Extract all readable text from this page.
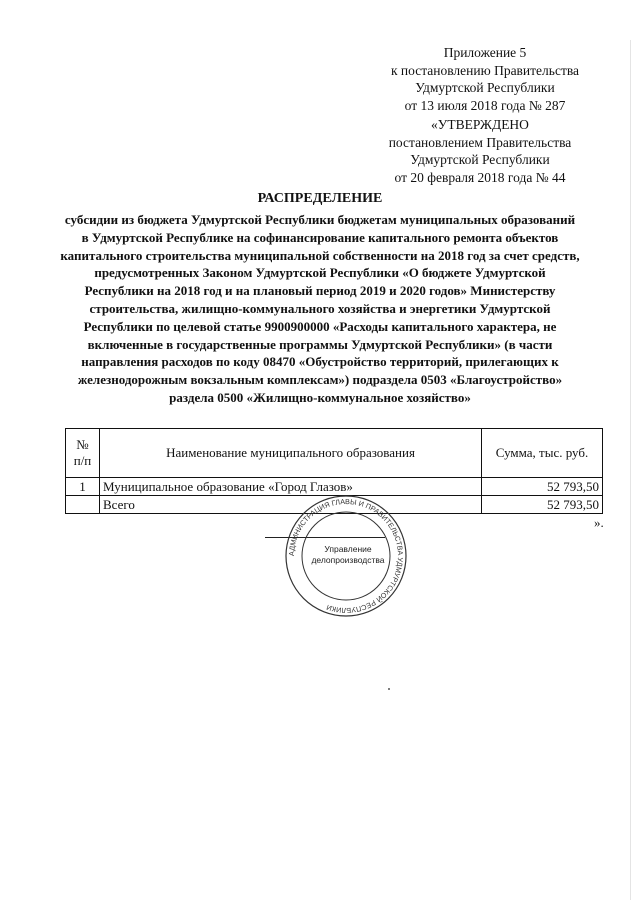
Приложение 5
к постановлению Правительства
Удмуртской Республики
от 13 июля 2018 года № 287
«УТВЕРЖДЕНО
постановлением Правительства
Удмуртской Республики
от 20 февраля 2018 года № 44
РАСПРЕДЕЛЕНИЕ
субсидии из бюджета Удмуртской Республики бюджетам муниципальных образований
в Удмуртской Республике на софинансирование капитального ремонта объектов
капитального строительства муниципальной собственности на 2018 год за счет средств,
предусмотренных Законом Удмуртской Республики «О бюджете Удмуртской
Республики на 2018 год и на плановый период 2019 и 2020 годов» Министерству
строительства, жилищно-коммунального хозяйства и энергетики Удмуртской
Республики по целевой статье 9900900000 «Расходы капитального характера, не
включенные в государственные программы Удмуртской Республики» (в части
направления расходов по коду 08470 «Обустройство территорий, прилегающих к
железнодорожным вокзальным комплексам») подраздела 0503 «Благоустройство»
раздела 0500 «Жилищно-коммунальное хозяйство»
№
п/п	Наименование муниципального образования	Сумма, тыс. руб.
1	Муниципальное образование «Город Глазов»	52 793,50
	Всего	52 793,50
».
АДМИНИСТРАЦИЯ ГЛАВЫ И ПРАВИТЕЛЬСТВА УДМУРТСКОЙ РЕСПУБЛИКИ
Управление
делопроизводства
